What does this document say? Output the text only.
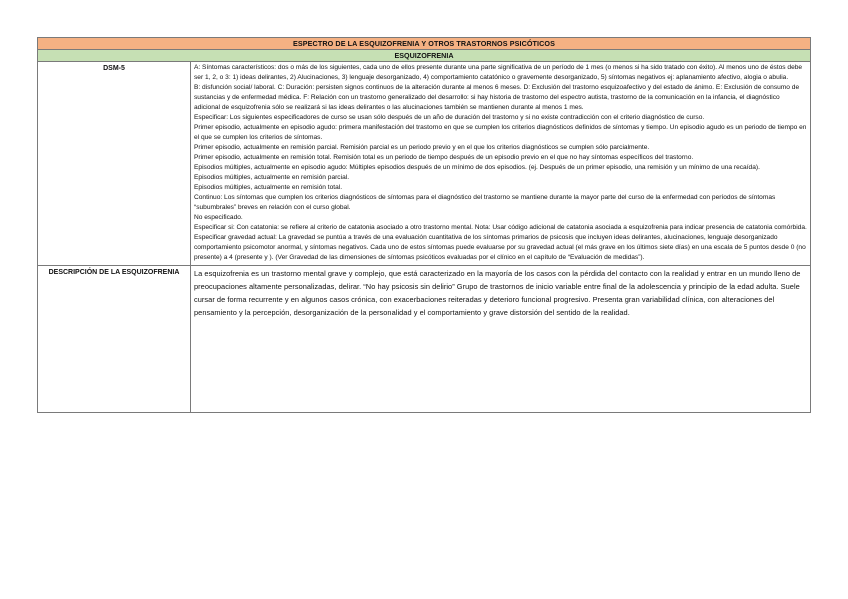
ESPECTRO DE LA ESQUIZOFRENIA Y OTROS TRASTORNOS PSICÓTICOS
ESQUIZOFRENIA
DSM-5	A: Síntomas característicos: dos o más de los siguientes, cada uno de ellos presente durante una parte significativa de un período de 1 mes (o menos si ha sido tratado con éxito). Al menos uno de éstos debe ser 1, 2, o 3: 1) ideas delirantes, 2) Alucinaciones, 3) lenguaje desorganizado, 4) comportamiento catatónico o gravemente desorganizado, 5) síntomas negativos ej: aplanamiento afectivo, alogia o abulia.

B: disfunción social/ laboral. C: Duración: persisten signos continuos de la alteración durante al menos 6 meses. D: Exclusión del trastorno esquizoafectivo y del estado de ánimo. E: Exclusión de consumo de sustancias y de enfermedad médica. F: Relación con un trastorno generalizado del desarrollo: si hay historia de trastorno del espectro autista, trastorno de la comunicación en la infancia, el diagnóstico adicional de esquizofrenia sólo se realizará si las ideas delirantes o las alucinaciones también se mantienen durante al menos 1 mes.

Especificar: Los siguientes especificadores de curso se usan sólo después de un año de duración del trastorno y si no existe contradicción con el criterio diagnóstico de curso.

Primer episodio, actualmente en episodio agudo: primera manifestación del trastorno en que se cumplen los criterios diagnósticos definidos de síntomas y tiempo. Un episodio agudo es un periodo de tiempo en el que se cumplen los criterios de síntomas.

Primer episodio, actualmente en remisión parcial. Remisión parcial es un periodo previo y en el que los criterios diagnósticos se cumplen sólo parcialmente.

Primer episodio, actualmente en remisión total. Remisión total es un periodo de tiempo después de un episodio previo en el que no hay síntomas específicos del trastorno.

Episodios múltiples, actualmente en episodio agudo: Múltiples episodios después de un mínimo de dos episodios. (ej. Después de un primer episodio, una remisión y un mínimo de una recaída).

Episodios múltiples, actualmente en remisión parcial.

Episodios múltiples, actualmente en remisión total.

Continuo: Los síntomas que cumplen los criterios diagnósticos de síntomas para el diagnóstico del trastorno se mantiene durante la mayor parte del curso de la enfermedad con períodos de síntomas “subumbrales” breves en relación con el curso global.

No especificado.

Especificar si: Con catatonia: se refiere al criterio de catatonia asociado a otro trastorno mental. Nota: Usar código adicional de catatonia asociada a esquizofrenia para indicar presencia de catatonia comórbida.

Especificar gravedad actual: La gravedad se puntúa a través de una evaluación cuantitativa de los síntomas primarios de psicosis que incluyen ideas delirantes, alucinaciones, lenguaje desorganizado comportamiento psicomotor anormal, y síntomas negativos. Cada uno de estos síntomas puede evaluarse por su gravedad actual (el más grave en los últimos siete días) en una escala de 5 puntos desde 0 (no presente) a 4 (presente y ). (Ver Gravedad de las dimensiones de síntomas psicóticos evaluadas por el clínico en el capítulo de “Evaluación de medidas”).

DESCRIPCIÓN DE LA ESQUIZOFRENIA	La esquizofrenia es un trastorno mental grave y complejo, que está caracterizado en la mayoría de los casos con la pérdida del contacto con la realidad y entrar en un mundo lleno de preocupaciones altamente personalizadas, delirar. “No hay psicosis sin delirio” Grupo de trastornos de inicio variable entre final de la adolescencia y principio de la edad adulta. Suele cursar de forma recurrente y en algunos casos crónica, con exacerbaciones reiteradas y deterioro funcional progresivo. Presenta gran variabilidad clínica, con alteraciones del pensamiento y la percepción, desorganización de la personalidad y el comportamiento y grave distorsión del sentido de la realidad.
